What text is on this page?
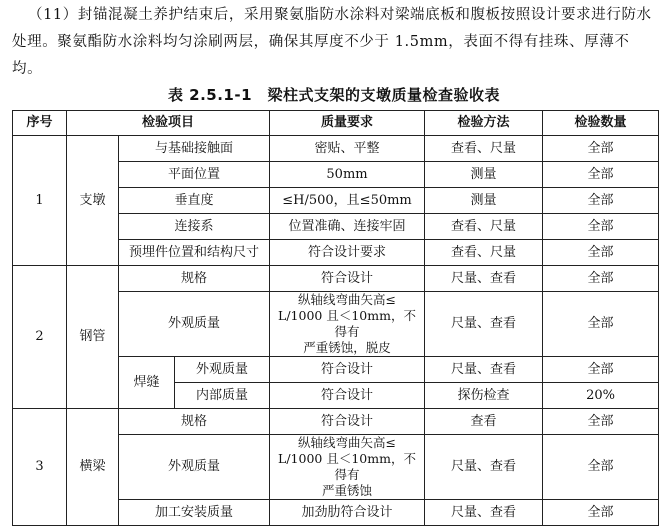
（11）封锚混凝土养护结束后，采用聚氨脂防水涂料对梁端底板和腹板按照设计要求进行防水处理。聚氨酯防水涂料均匀涂刷两层，确保其厚度不少于 1.5mm，表面不得有挂珠、厚薄不均。

表 2.5.1-1　梁柱式支架的支墩质量检查验收表
序号	检验项目			质量要求	检验方法	检验数量
1	支墩	与基础接触面		密贴、平整	查看、尺量	全部
		平面位置		50mm	测量	全部
		垂直度		≤H/500，且≤50mm	测量	全部
		连接系		位置准确、连接牢固	查看、尺量	全部
		预埋件位置和结构尺寸		符合设计要求	查看、尺量	全部
2	钢管	规格		符合设计	尺量、查看	全部
		外观质量		纵轴线弯曲矢高≤
L/1000 且＜10mm，不得有
严重锈蚀，脱皮	尺量、查看	全部
		焊缝	外观质量	符合设计	尺量、查看	全部
			内部质量	符合设计	探伤检查	20%
3	横梁	规格		符合设计	查看	全部
		外观质量		纵轴线弯曲矢高≤
L/1000 且＜10mm，不得有
严重锈蚀	尺量、查看	全部
		加工安装质量		加劲肋符合设计	尺量、查看	全部
